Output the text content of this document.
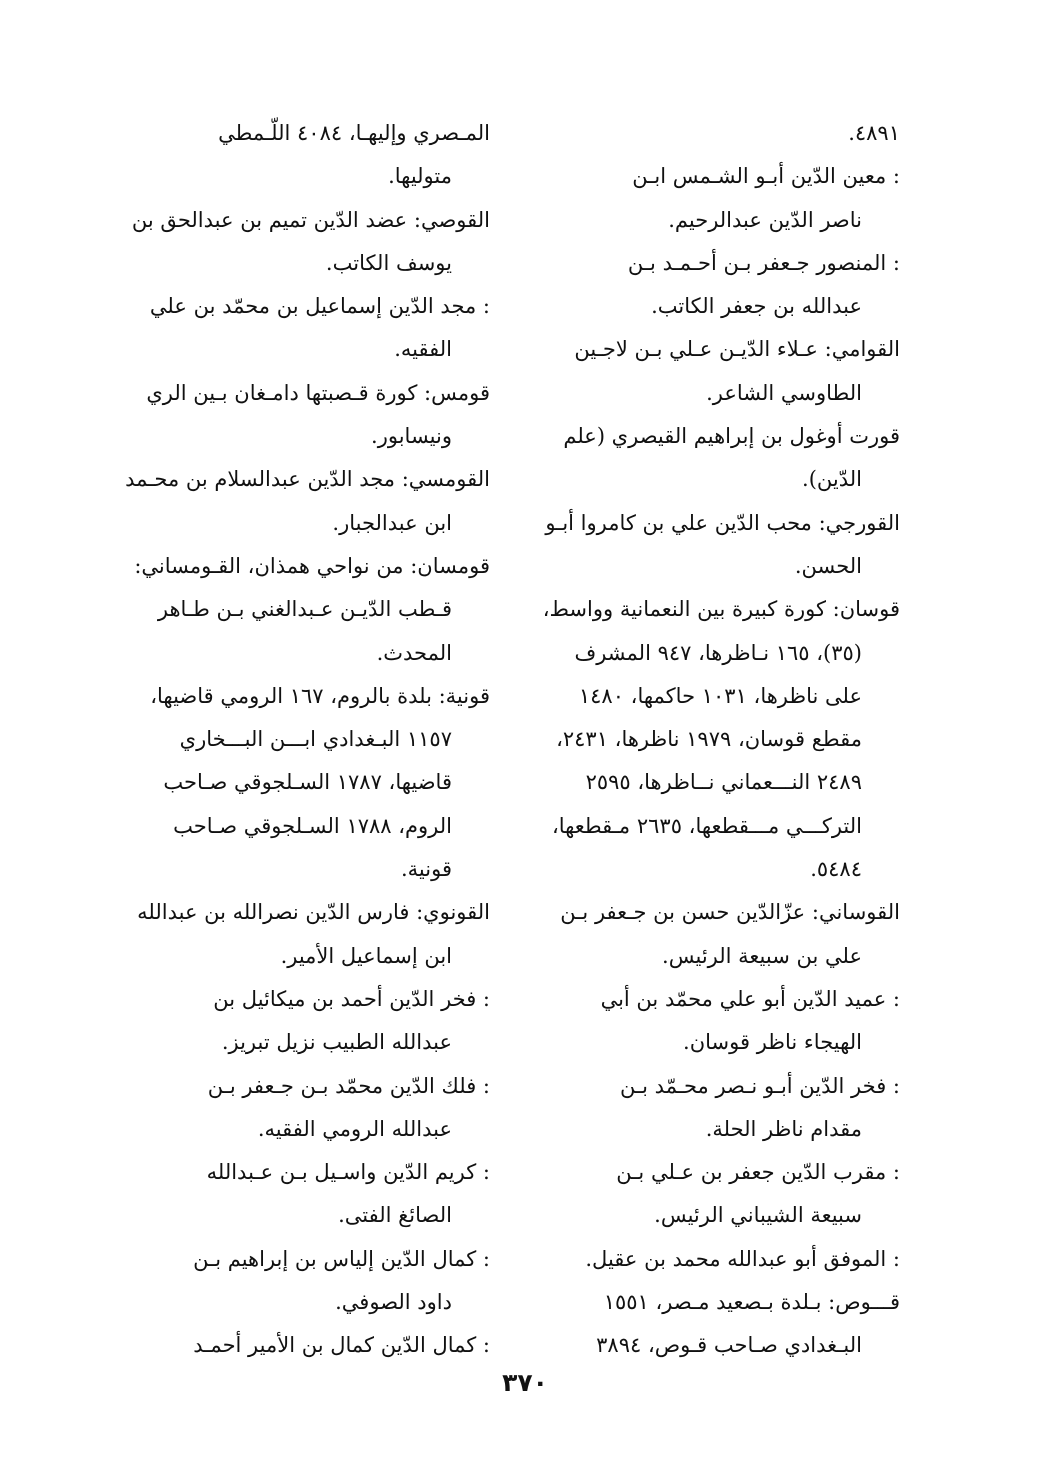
٤٨٩١.
: معين الدّين أبـو الشـمس ابـن
ناصر الدّين عبدالرحيم.
: المنصور جـعفر بـن أحـمـد بـن
عبدالله بن جعفر الكاتب.
القوامي: عـلاء الدّيـن عـلي بـن لاجـين
الطاوسي الشاعر.
قورت أوغول بن إبراهيم القيصري (علم
الدّين).
القورجي: محب الدّين علي بن كامروا أبـو
الحسن.
قوسان: كورة كبيرة بين النعمانية وواسط،
(٣٥)، ١٦٥ نـاظرها، ٩٤٧ المشرف
على ناظرها، ١٠٣١ حاكمها، ١٤٨٠
مقطع قوسان، ١٩٧٩ ناظرها، ٢٤٣١،
٢٤٨٩ النـــعماني نــاظرها، ٢٥٩٥
التركـــي مـــقطعها، ٢٦٣٥ مـقطعها،
٥٤٨٤.
القوساني: عزّالدّين حسن بن جـعفر بـن
علي بن سبيعة الرئيس.
: عميد الدّين أبو علي محمّد بن أبي
الهيجاء ناظر قوسان.
: فخر الدّين أبـو نـصر محـمّد بـن
مقدام ناظر الحلة.
: مقرب الدّين جعفر بن عـلي بـن
سبيعة الشيباني الرئيس.
: الموفق أبو عبدالله محمد بن عقيل.
قـــوص: بـلدة بـصعيد مـصر، ١٥٥١
البـغدادي صـاحب قـوص، ٣٨٩٤
المـصري وإليهـا، ٤٠٨٤ اللّـمطي
متوليها.
القوصي: عضد الدّين تميم بن عبدالحق بن
يوسف الكاتب.
: مجد الدّين إسماعيل بن محمّد بن علي
الفقيه.
قومس: كورة قـصبتها دامـغان بـين الري
ونيسابور.
القومسي: مجد الدّين عبدالسلام بن محـمد
ابن عبدالجبار.
قومسان: من نواحي همذان، القـومساني:
قـطب الدّيـن عـبدالغني بـن طـاهر
المحدث.
قونية: بلدة بالروم، ١٦٧ الرومي قاضيها،
١١٥٧ البـغدادي ابـــن البـــخاري
قاضيها، ١٧٨٧ السـلجوقي صـاحب
الروم، ١٧٨٨ السـلجوقي صـاحب
قونية.
القونوي: فارس الدّين نصرالله بن عبدالله
ابن إسماعيل الأمير.
: فخر الدّين أحمد بن ميكائيل بن
عبدالله الطبيب نزيل تبريز.
: فلك الدّين محمّد بـن جـعفر بـن
عبدالله الرومي الفقيه.
: كريم الدّين واسـيل بـن عـبدالله
الصائغ الفتى.
: كمال الدّين إلياس بن إبراهيم بـن
داود الصوفي.
: كمال الدّين كمال بن الأمير أحمـد
٣٧٠
